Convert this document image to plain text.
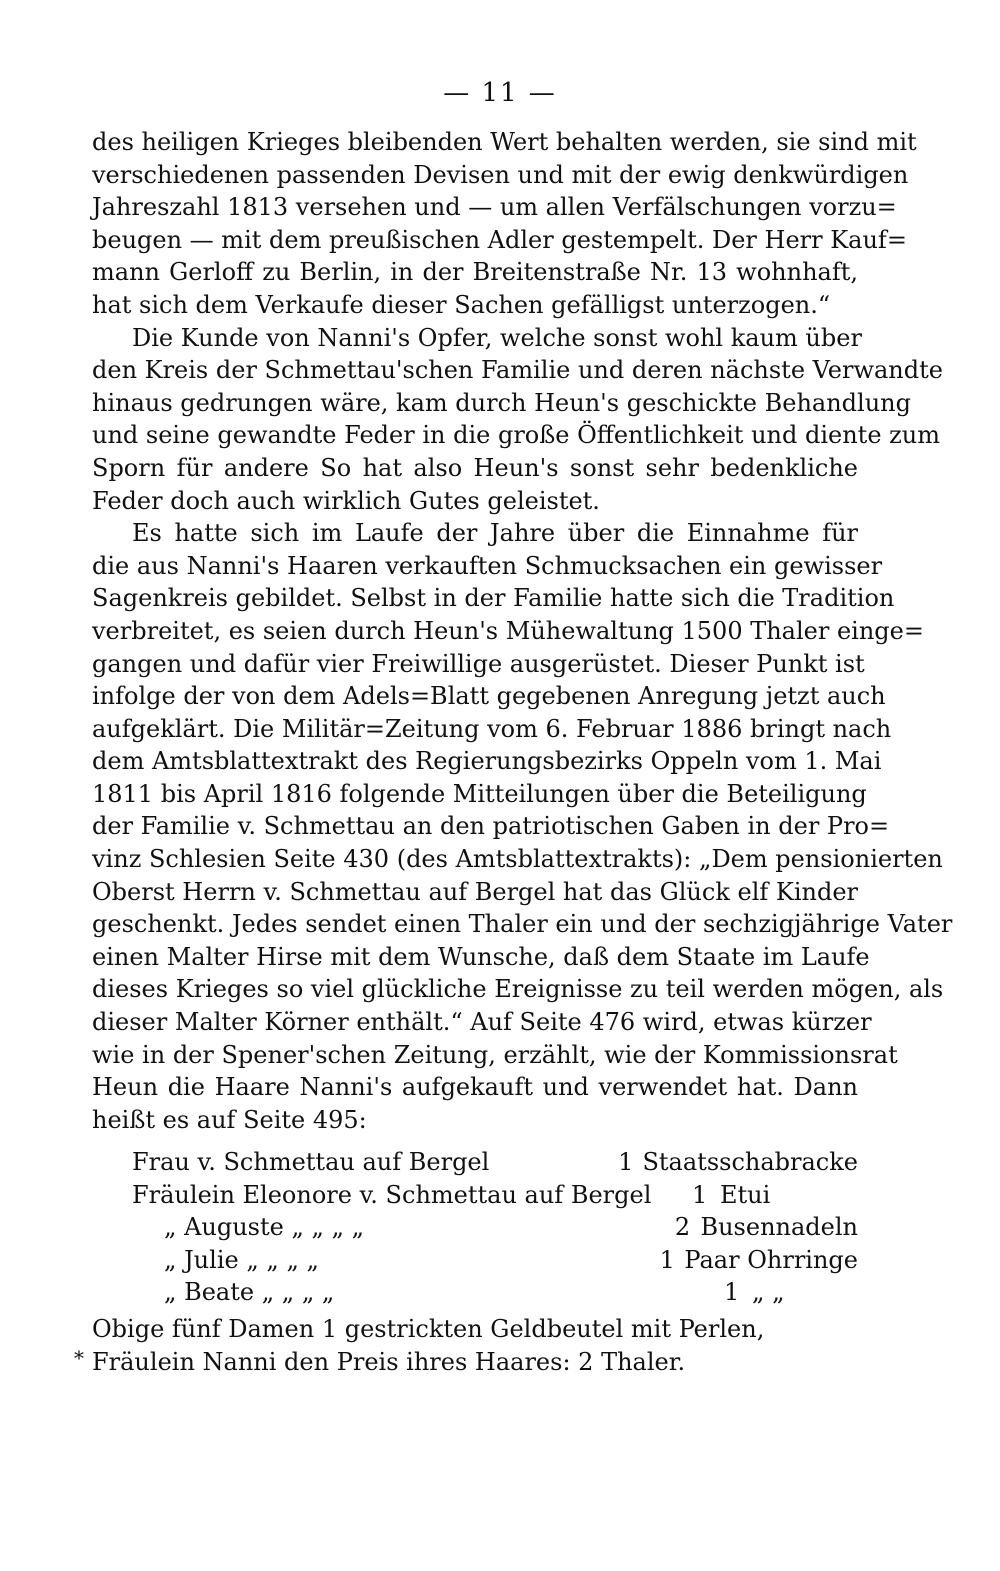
— 11 —
des heiligen Krieges bleibenden Wert behalten werden, sie sind mit
verschiedenen passenden Devisen und mit der ewig denkwürdigen
Jahreszahl 1813 versehen und — um allen Verfälschungen vorzu=
beugen — mit dem preußischen Adler gestempelt. Der Herr Kauf=
mann Gerloff zu Berlin, in der Breitenstraße Nr. 13 wohnhaft,
hat sich dem Verkaufe dieser Sachen gefälligst unterzogen.“
Die Kunde von Nanni's Opfer, welche sonst wohl kaum über
den Kreis der Schmettau'schen Familie und deren nächste Verwandte
hinaus gedrungen wäre, kam durch Heun's geschickte Behandlung
und seine gewandte Feder in die große Öffentlichkeit und diente zum
Sporn für andere So hat also Heun's sonst sehr bedenkliche
Feder doch auch wirklich Gutes geleistet.
Es hatte sich im Laufe der Jahre über die Einnahme für
die aus Nanni's Haaren verkauften Schmucksachen ein gewisser
Sagenkreis gebildet. Selbst in der Familie hatte sich die Tradition
verbreitet, es seien durch Heun's Mühewaltung 1500 Thaler einge=
gangen und dafür vier Freiwillige ausgerüstet. Dieser Punkt ist
infolge der von dem Adels=Blatt gegebenen Anregung jetzt auch
aufgeklärt. Die Militär=Zeitung vom 6. Februar 1886 bringt nach
dem Amtsblattextrakt des Regierungsbezirks Oppeln vom 1. Mai
1811 bis April 1816 folgende Mitteilungen über die Beteiligung
der Familie v. Schmettau an den patriotischen Gaben in der Pro=
vinz Schlesien Seite 430 (des Amtsblattextrakts): „Dem pensionierten
Oberst Herrn v. Schmettau auf Bergel hat das Glück elf Kinder
geschenkt. Jedes sendet einen Thaler ein und der sechzigjährige Vater
einen Malter Hirse mit dem Wunsche, daß dem Staate im Laufe
dieses Krieges so viel glückliche Ereignisse zu teil werden mögen, als
dieser Malter Körner enthält.“ Auf Seite 476 wird, etwas kürzer
wie in der Spener'schen Zeitung, erzählt, wie der Kommissionsrat
Heun die Haare Nanni's aufgekauft und verwendet hat. Dann
heißt es auf Seite 495:
Frau v. Schmettau auf Bergel	1 Staatsschabracke
Fräulein Eleonore v. Schmettau auf Bergel	1 Etui
„ Auguste „ „ „ „	2 Busennadeln
„ Julie „ „ „ „	1 Paar Ohrringe
„ Beate „ „ „ „	1 „ „
Obige fünf Damen 1 gestrickten Geldbeutel mit Perlen,
Fräulein Nanni den Preis ihres Haares: 2 Thaler.
*
